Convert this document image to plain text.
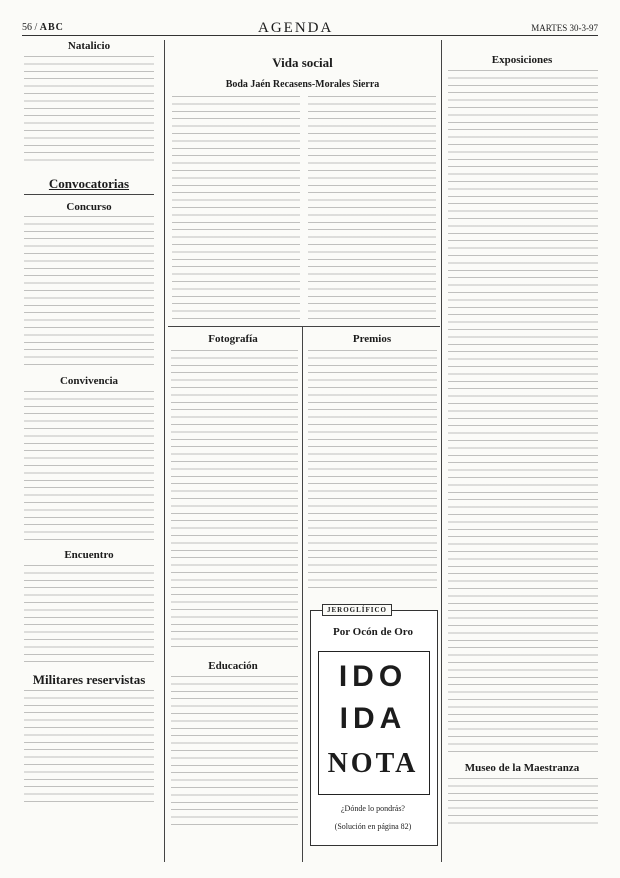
56 / ABC	AGENDA	MARTES 30-3-97
Natalicio
Convocatorias
Concurso
Convivencia
Encuentro
Militares reservistas
Vida social
Boda Jaén Recasens-Morales Sierra
Fotografía
Educación
Premios
JEROGLÍFICO
Por Ocón de Oro
IDO
IDA
NOTA
¿Dónde lo pondrás?
(Solución en página 82)
Exposiciones
Museo de la Maestranza
